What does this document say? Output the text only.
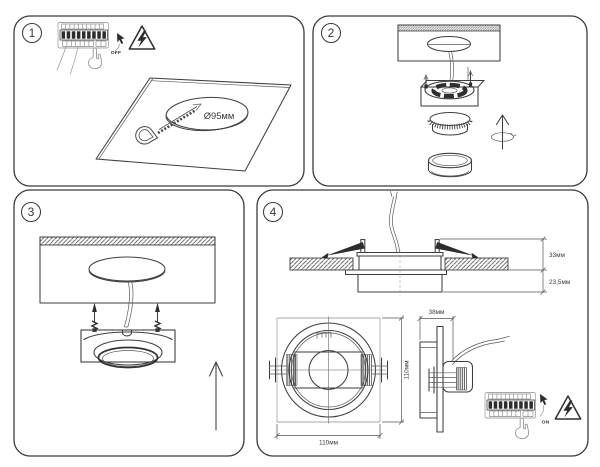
1
OFF
Ø95мм
2
3	4
33мм
23,5мм
110мм
110мм
38мм
ON
